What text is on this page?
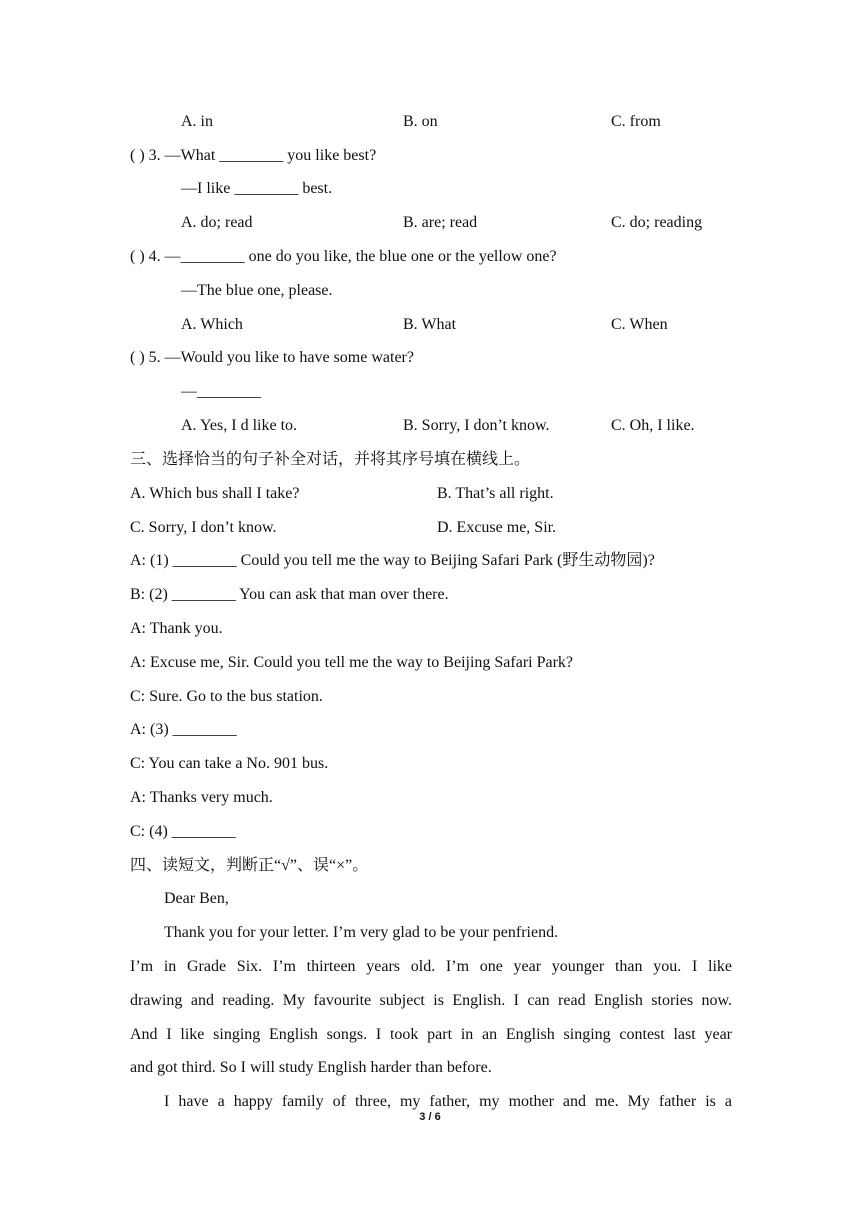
A. in	B. on	C. from
( ) 3. —What ________ you like best?
—I like ________ best.
A. do; read	B. are; read	C. do; reading
( ) 4. —________ one do you like, the blue one or the yellow one?
—The blue one, please.
A. Which	B. What	C. When
( ) 5. —Would you like to have some water?
—________
A. Yes, I d like to.	B. Sorry, I don’t know.	C. Oh, I like.
三、选择恰当的句子补全对话，并将其序号填在横线上。
A. Which bus shall I take?	B. That’s all right.
C. Sorry, I don’t know.	D. Excuse me, Sir.
A: (1) ________ Could you tell me the way to Beijing Safari Park (野生动物园)?
B: (2) ________ You can ask that man over there.
A: Thank you.
A: Excuse me, Sir. Could you tell me the way to Beijing Safari Park?
C: Sure. Go to the bus station.
A: (3) ________
C: You can take a No. 901 bus.
A: Thanks very much.
C: (4) ________
四、读短文，判断正“√”、误“×”。
Dear Ben,
Thank you for your letter. I’m very glad to be your penfriend.
I’m in Grade Six. I’m thirteen years old. I’m one year younger than you. I like
drawing and reading. My favourite subject is English. I can read English stories now.
And I like singing English songs. I took part in an English singing contest last year
and got third. So I will study English harder than before.
I have a happy family of three, my father, my mother and me. My father is a
3 / 6
